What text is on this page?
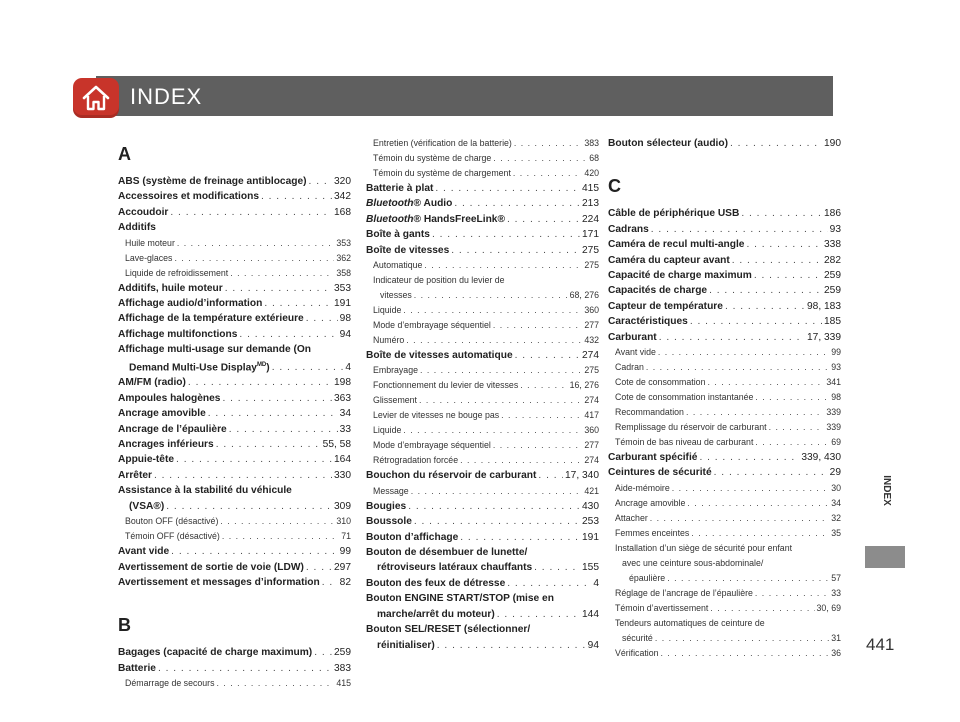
INDEX
INDEX
441
A
ABS (système de freinage antiblocage) . . .	320
Accessoires et modifications . . .	342
Accoudoir . . .	168
Additifs
Huile moteur . . .	353
Lave-glaces . . .	362
Liquide de refroidissement . . .	358
Additifs, huile moteur . . .	353
Affichage audio/d’information . . .	191
Affichage de la température extérieure . . .	98
Affichage multifonctions . . .	94
Affichage multi-usage sur demande (On
Demand Multi-Use Display$^{MD}$) . . .	4
AM/FM (radio) . . .	198
Ampoules halogènes . . .	363
Ancrage amovible . . .	34
Ancrage de l’épaulière . . .	33
Ancrages inférieurs . . .	55, 58
Appuie-tête . . .	164
Arrêter . . .	330
Assistance à la stabilité du véhicule
(VSA®) . . .	309
Bouton OFF (désactivé) . . .	310
Témoin OFF (désactivé) . . .	71
Avant vide . . .	99
Avertissement de sortie de voie (LDW) . . .	297
Avertissement et messages d’information . . . 82
B
Bagages (capacité de charge maximum) . . . 259
Batterie . . .	383
Démarrage de secours . . .	415
Entretien (vérification de la batterie) . . .	383
Témoin du système de charge . . .	68
Témoin du système de chargement . . .	420
Batterie à plat . . .	415
Bluetooth® Audio . . .	213
Bluetooth® HandsFreeLink® . . .	224
Boîte à gants . . .	171
Boîte de vitesses . . .	275
Automatique . . .	275
Indicateur de position du levier de
vitesses . . .	68, 276
Liquide . . .	360
Mode d’embrayage séquentiel . . .	277
Numéro . . .	432
Boîte de vitesses automatique . . .	274
Embrayage . . .	275
Fonctionnement du levier de vitesses . . .	16, 276
Glissement . . .	274
Levier de vitesses ne bouge pas . . .	417
Liquide . . .	360
Mode d’embrayage séquentiel . . .	277
Rétrogradation forcée . . .	274
Bouchon du réservoir de carburant . . .	17, 340
Message . . .	421
Bougies . . .	430
Boussole . . .	253
Bouton d’affichage . . .	191
Bouton de désembuer de lunette/
rétroviseurs latéraux chauffants . . .	155
Bouton des feux de détresse . . .	4
Bouton ENGINE START/STOP (mise en
marche/arrêt du moteur) . . .	144
Bouton SEL/RESET (sélectionner/
réinitialiser) . . .	94
Bouton sélecteur (audio) . . .	190
C
Câble de périphérique USB . . .	186
Cadrans . . .	93
Caméra de recul multi-angle . . .	338
Caméra du capteur avant . . .	282
Capacité de charge maximum . . .	259
Capacités de charge . . .	259
Capteur de température . . .	98, 183
Caractéristiques . . .	185
Carburant . . .	17, 339
Avant vide . . .	99
Cadran . . .	93
Cote de consommation . . .	341
Cote de consommation instantanée . . .	98
Recommandation . . .	339
Remplissage du réservoir de carburant . . .	339
Témoin de bas niveau de carburant . . .	69
Carburant spécifié . . .	339, 430
Ceintures de sécurité . . .	29
Aide-mémoire . . .	30
Ancrage amovible . . .	34
Attacher . . .	32
Femmes enceintes . . .	35
Installation d’un siège de sécurité pour enfant
avec une ceinture sous-abdominale/
épaulière . . .	57
Réglage de l’ancrage de l’épaulière . . .	33
Témoin d’avertissement . . .	30, 69
Tendeurs automatiques de ceinture de
sécurité . . .	31
Vérification . . .	36
